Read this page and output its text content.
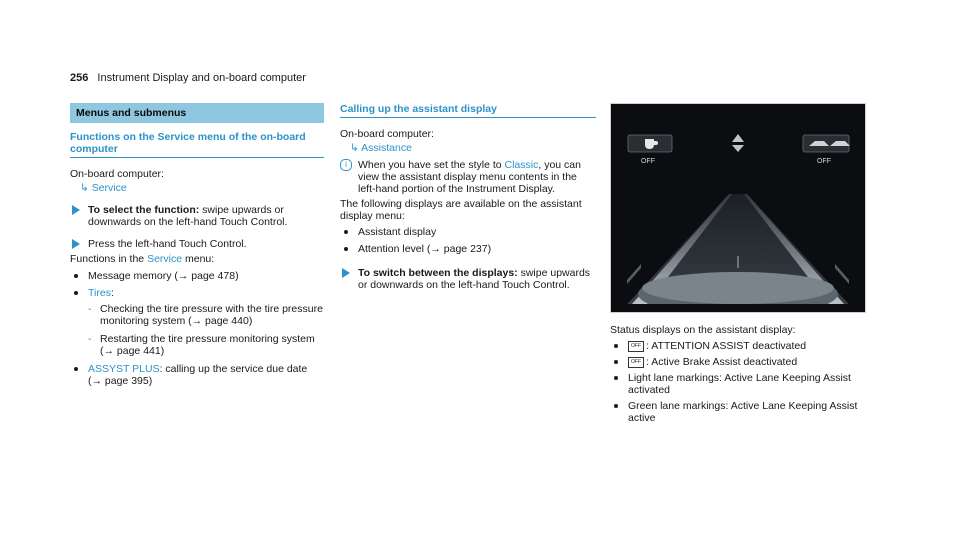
256 Instrument Display and on-board computer
Menus and submenus
Functions on the Service menu of the on-board computer

On-board computer:

↳ Service
To select the function: swipe upwards or downwards on the left-hand Touch Control.
Press the left-hand Touch Control.

Functions in the Service menu:

Message memory (→ page 478)
Tires:
- Checking the tire pressure with the tire pressure monitoring system (→ page 440)
- Restarting the tire pressure monitoring system (→ page 441)
ASSYST PLUS: calling up the service due date (→ page 395)
Calling up the assistant display

On-board computer:

↳ Assistance
i	When you have set the style to Classic, you can view the assistant display menu contents in the left-hand portion of the Instrument Display.

The following displays are available on the assistant display menu:

Assistant display
Attention level (→ page 237)
To switch between the displays: swipe upwards or downwards on the left-hand Touch Control.
OFF	OFF

Status displays on the assistant display:

OFF : ATTENTION ASSIST deactivated
OFF : Active Brake Assist deactivated
Light lane markings: Active Lane Keeping Assist activated
Green lane markings: Active Lane Keeping Assist active
